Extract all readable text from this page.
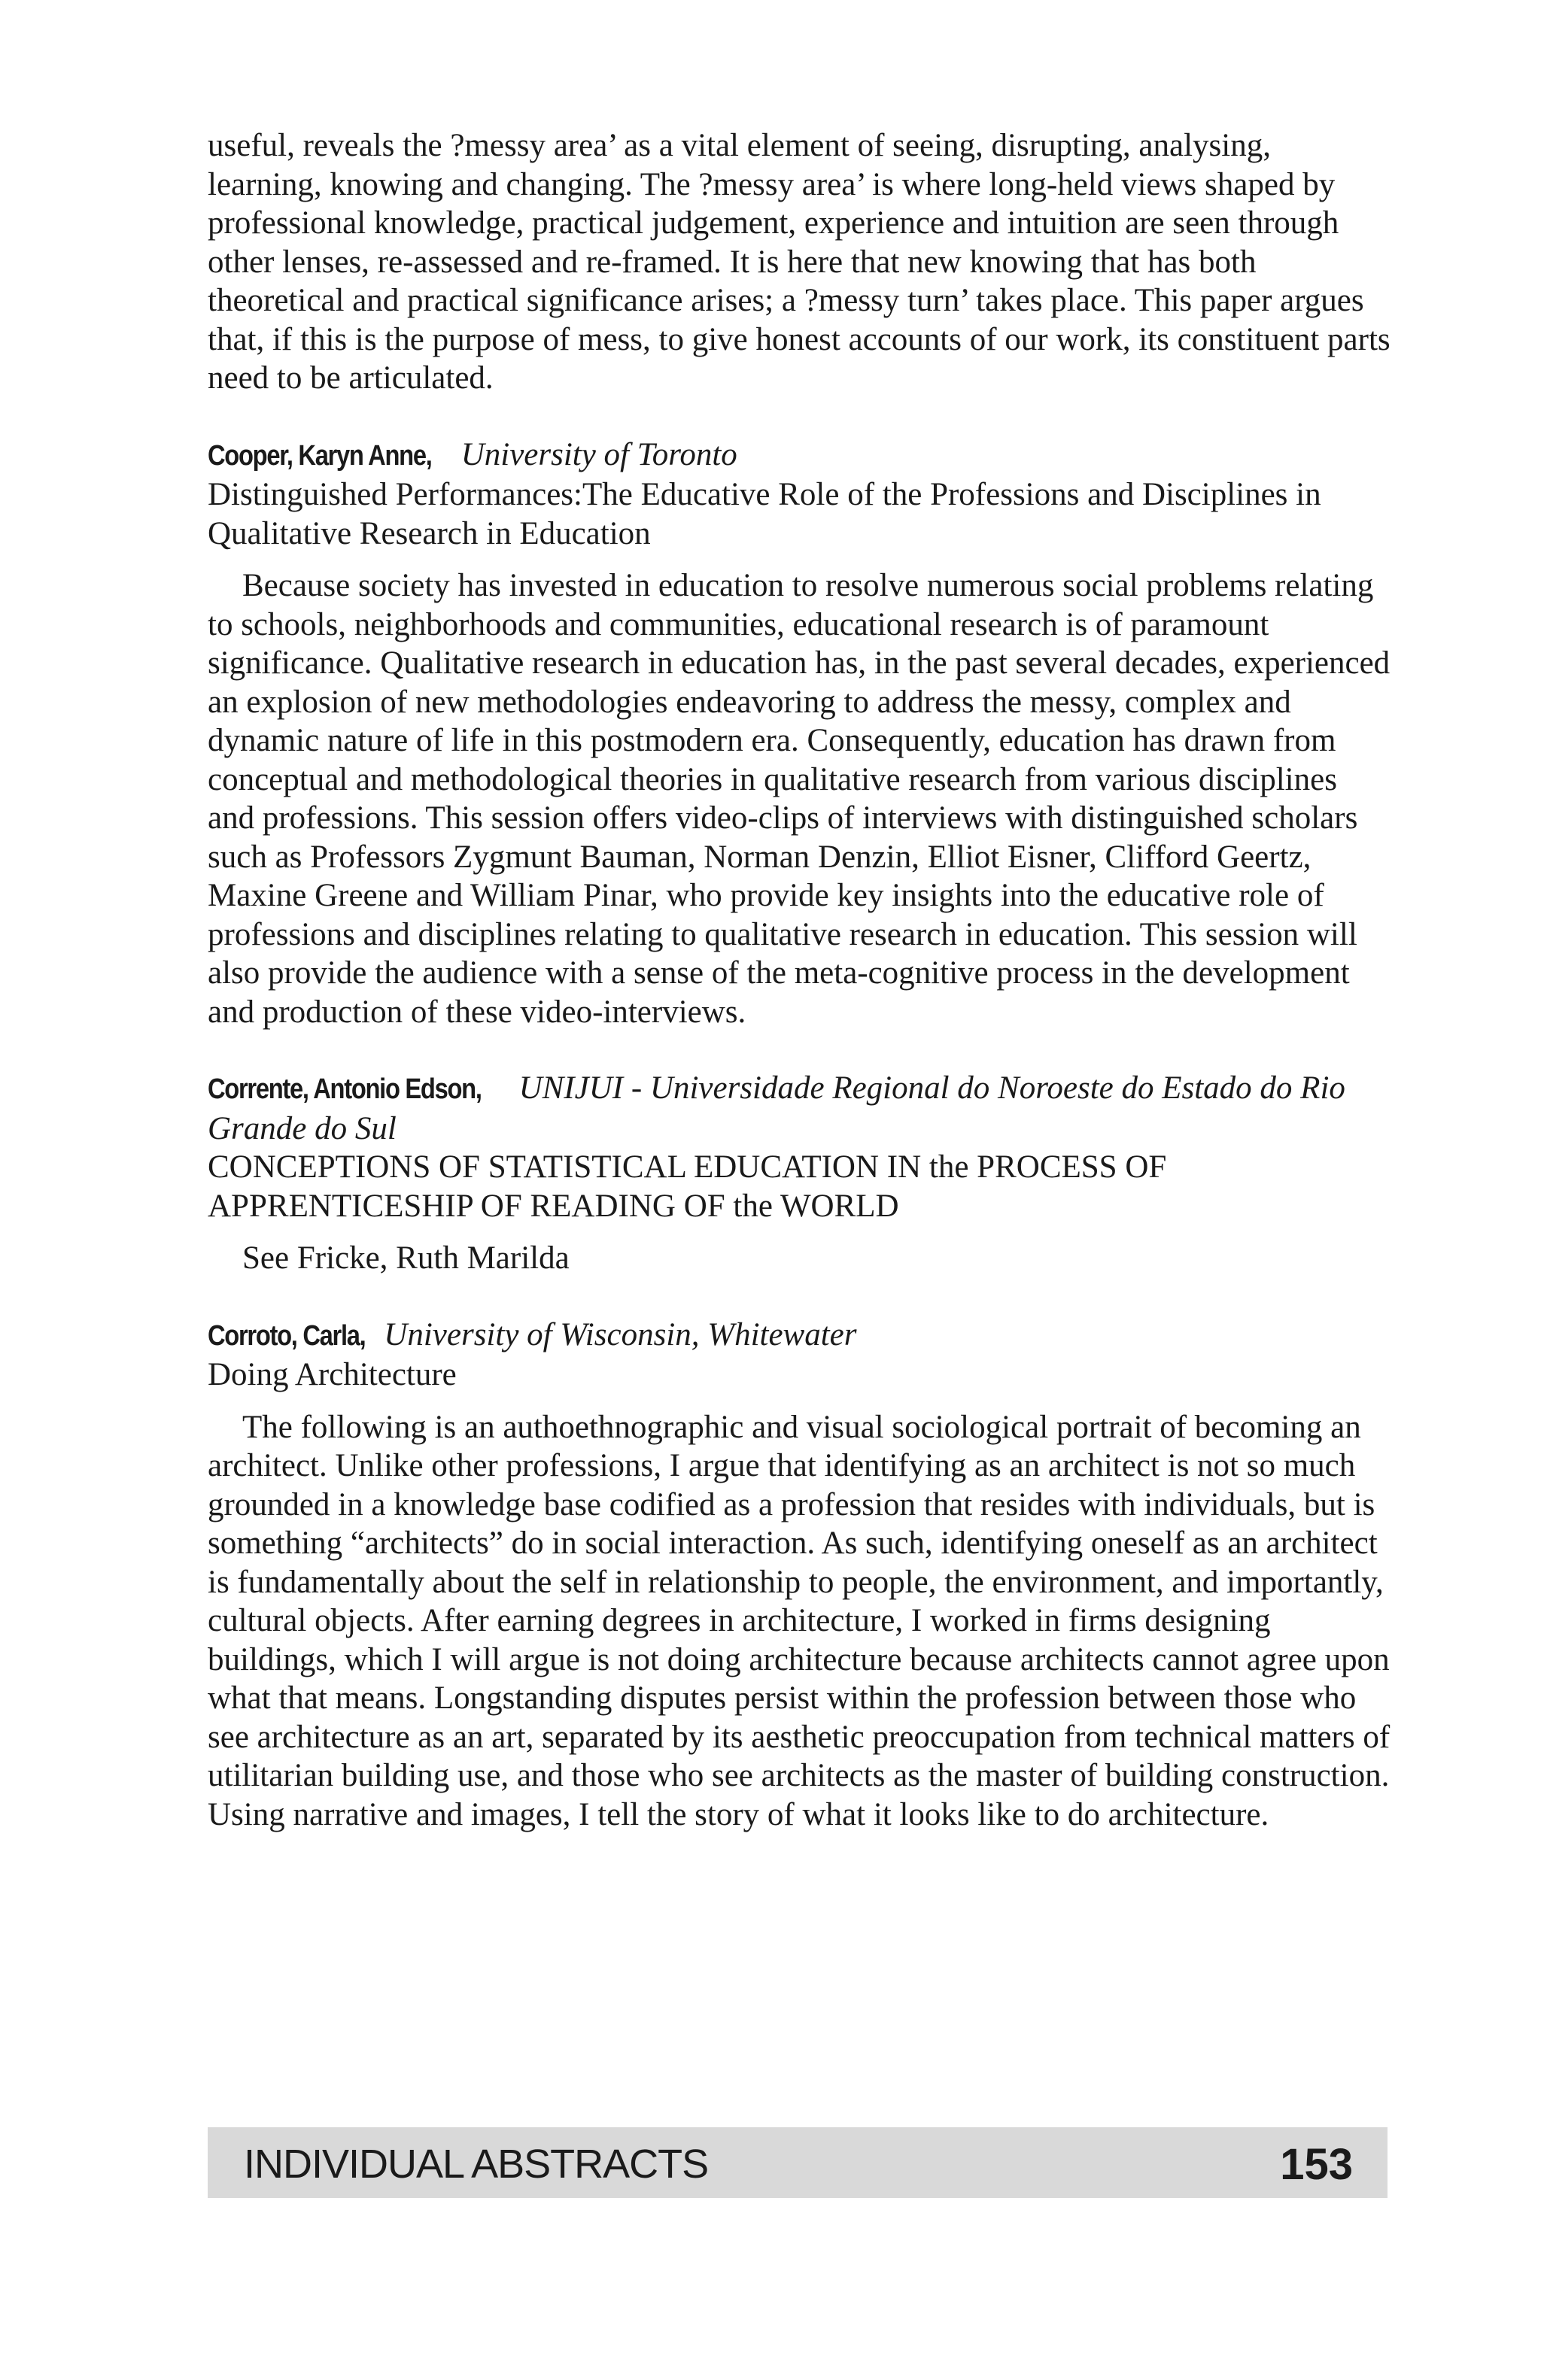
useful, reveals the ?messy area’ as a vital element of seeing, disrupting, analysing, learning, knowing and changing. The ?messy area’ is where long-held views shaped by professional knowledge, practical judgement, experience and intuition are seen through other lenses, re-assessed and re-framed. It is here that new knowing that has both theoretical and practical significance arises; a ?messy turn’ takes place. This paper argues that, if this is the purpose of mess, to give honest accounts of our work, its constituent parts need to be articulated.

Cooper, Karyn Anne, University of Toronto

Distinguished Performances:The Educative Role of the Professions and Disciplines in Qualitative Research in Education

Because society has invested in education to resolve numerous social problems relating to schools, neighborhoods and communities, educational research is of paramount significance. Qualitative research in education has, in the past several decades, experienced an explosion of new methodologies endeavoring to address the messy, complex and dynamic nature of life in this postmodern era. Consequently, education has drawn from conceptual and methodological theories in qualitative research from various disciplines and professions. This session offers video-clips of interviews with distinguished scholars such as Professors Zygmunt Bauman, Norman Denzin, Elliot Eisner, Clifford Geertz, Maxine Greene and William Pinar, who provide key insights into the educative role of professions and disciplines relating to qualitative research in education. This session will also provide the audience with a sense of the meta-cognitive process in the development and production of these video-interviews.

Corrente, Antonio Edson, UNIJUI - Universidade Regional do Noroeste do Estado do Rio Grande do Sul

CONCEPTIONS OF STATISTICAL EDUCATION IN the PROCESS OF APPRENTICESHIP OF READING OF the WORLD

See Fricke, Ruth Marilda

Corroto, Carla, University of Wisconsin, Whitewater

Doing Architecture

The following is an authoethnographic and visual sociological portrait of becoming an architect. Unlike other professions, I argue that identifying as an architect is not so much grounded in a knowledge base codified as a profession that resides with individuals, but is something “architects” do in social interaction. As such, identifying oneself as an architect is fundamentally about the self in relationship to people, the environment, and importantly, cultural objects. After earning degrees in architecture, I worked in firms designing buildings, which I will argue is not doing architecture because architects cannot agree upon what that means. Longstanding disputes persist within the profession between those who see architecture as an art, separated by its aesthetic preoccupation from technical matters of utilitarian building use, and those who see architects as the master of building construction. Using narrative and images, I tell the story of what it looks like to do architecture.

INDIVIDUAL ABSTRACTS	153
